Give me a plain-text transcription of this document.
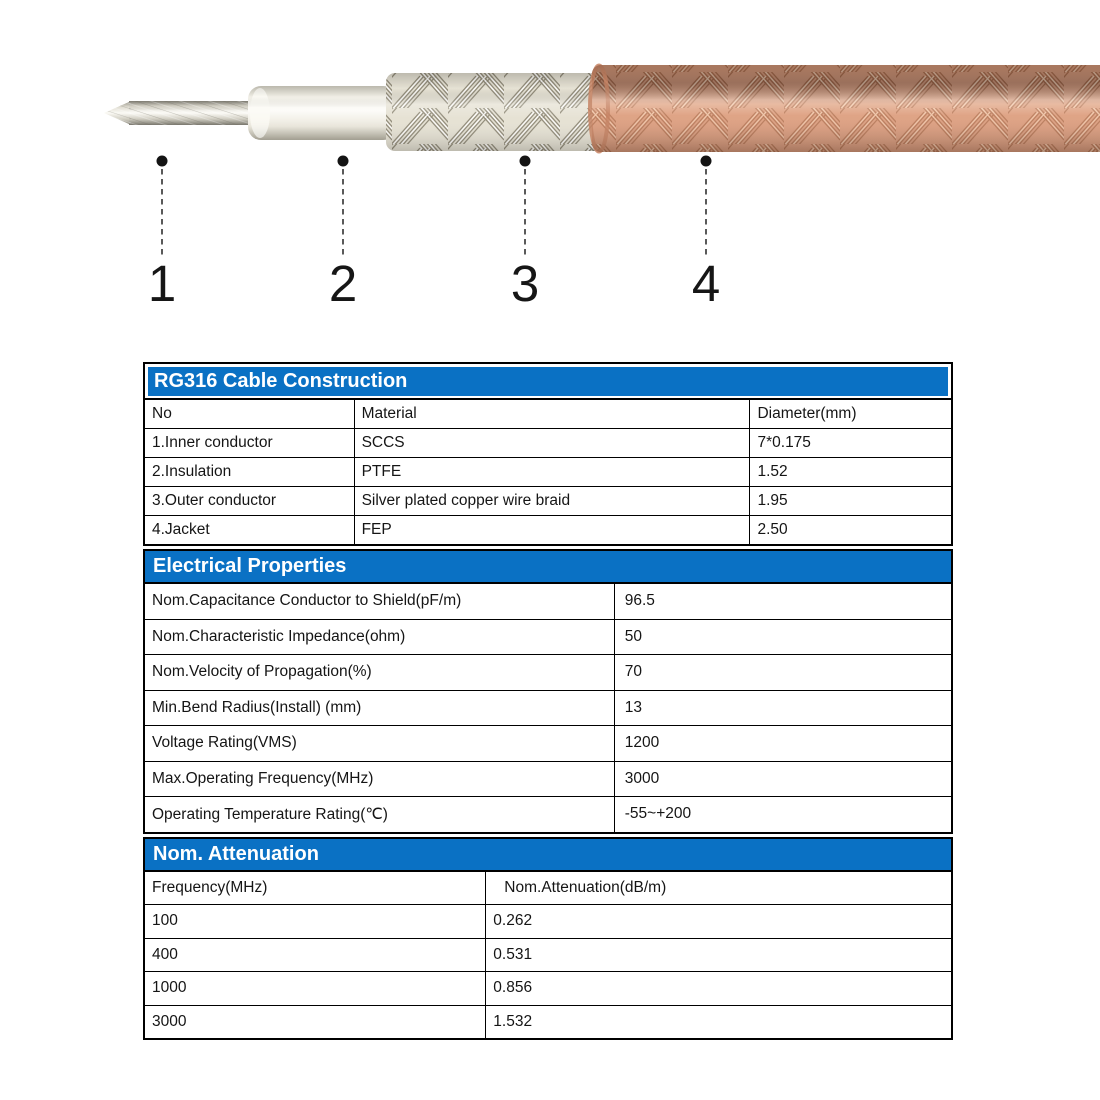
1	2	3	4
RG316 Cable Construction
No	Material	Diameter(mm)
1.Inner conductor	SCCS	7*0.175
2.Insulation	PTFE	1.52
3.Outer conductor	Silver plated copper wire braid	1.95
4.Jacket	FEP	2.50
Electrical Properties
Nom.Capacitance Conductor to Shield(pF/m)	96.5
Nom.Characteristic Impedance(ohm)	50
Nom.Velocity of Propagation(%)	70
Min.Bend Radius(Install) (mm)	13
Voltage Rating(VMS)	1200
Max.Operating Frequency(MHz)	3000
Operating Temperature Rating(℃)	-55~+200
Nom. Attenuation
Frequency(MHz)	Nom.Attenuation(dB/m)
100	0.262
400	0.531
1000	0.856
3000	1.532
